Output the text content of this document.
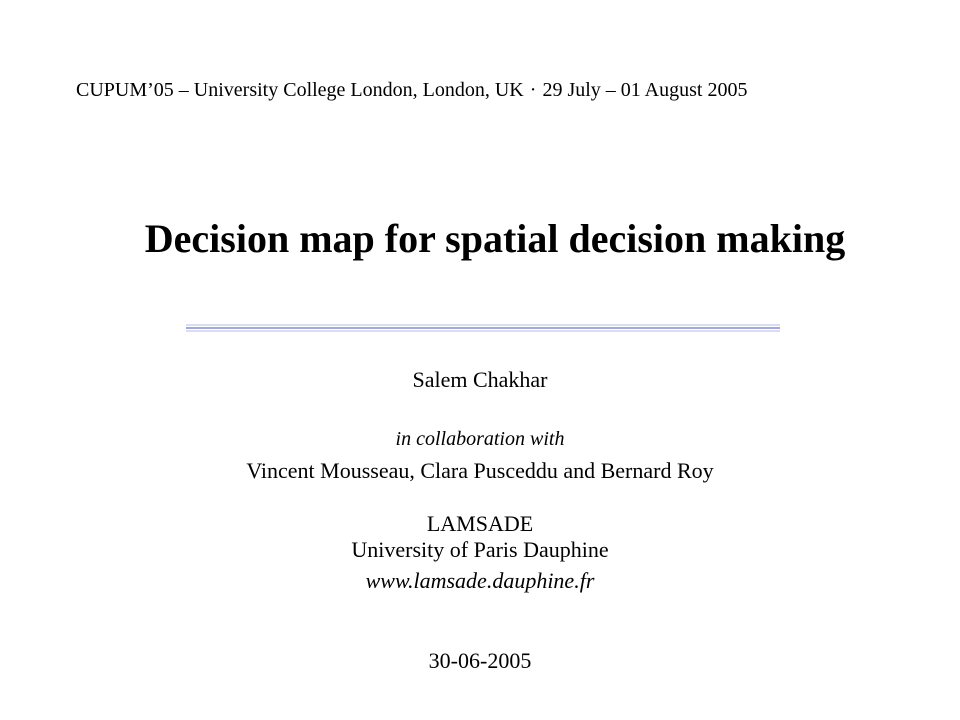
CUPUM’05 – University College London, London, UK · 29 July – 01 August 2005
Decision map for spatial decision making
Salem Chakhar
in collaboration with
Vincent Mousseau, Clara Pusceddu and Bernard Roy
LAMSADE
University of Paris Dauphine
www.lamsade.dauphine.fr
30-06-2005
